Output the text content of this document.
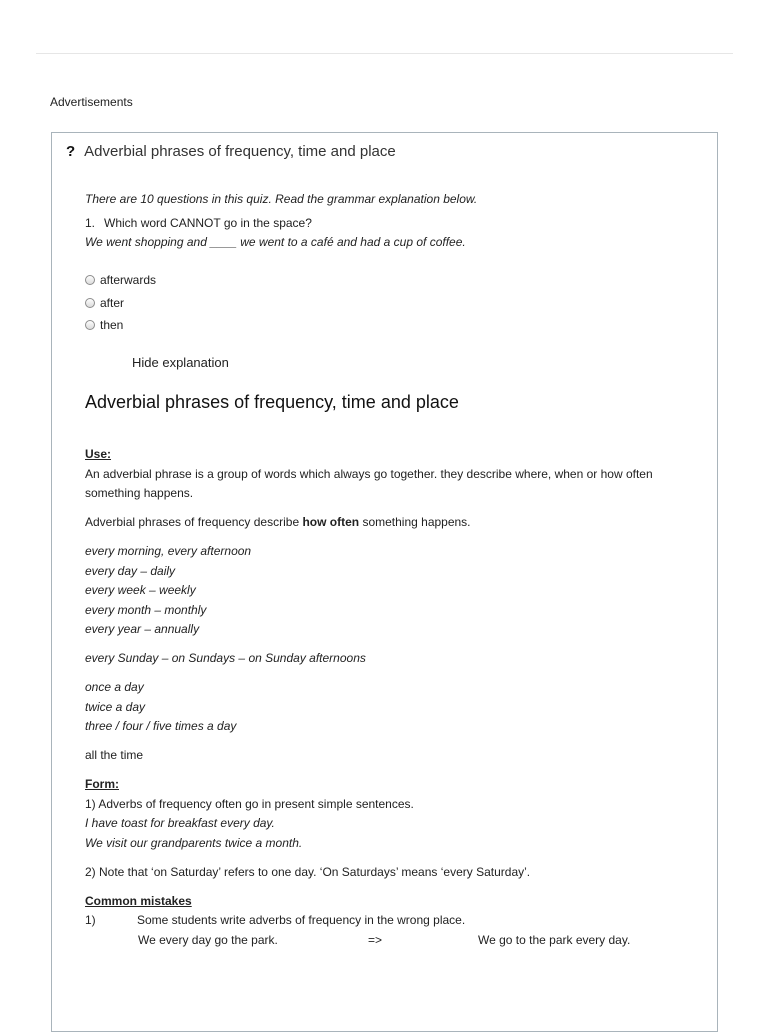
Advertisements
? Adverbial phrases of frequency, time and place
There are 10 questions in this quiz. Read the grammar explanation below.
1. Which word CANNOT go in the space?
We went shopping and ____ we went to a café and had a cup of coffee.
afterwards
after
then
Hide explanation
Adverbial phrases of frequency, time and place

Use:

An adverbial phrase is a group of words which always go together. they describe where, when or how often something happens.

Adverbial phrases of frequency describe how often something happens.

every morning, every afternoon

every day – daily

every week – weekly

every month – monthly

every year – annually

every Sunday – on Sundays – on Sunday afternoons

once a day

twice a day

three / four / five times a day

all the time

Form:

1) Adverbs of frequency often go in present simple sentences.

I have toast for breakfast every day.

We visit our grandparents twice a month.

2) Note that ‘on Saturday’ refers to one day. ‘On Saturdays’ means ‘every Saturday’.

Common mistakes

1)	Some students write adverbs of frequency in the wrong place.
We every day go the park.	=>	We go to the park every day.
